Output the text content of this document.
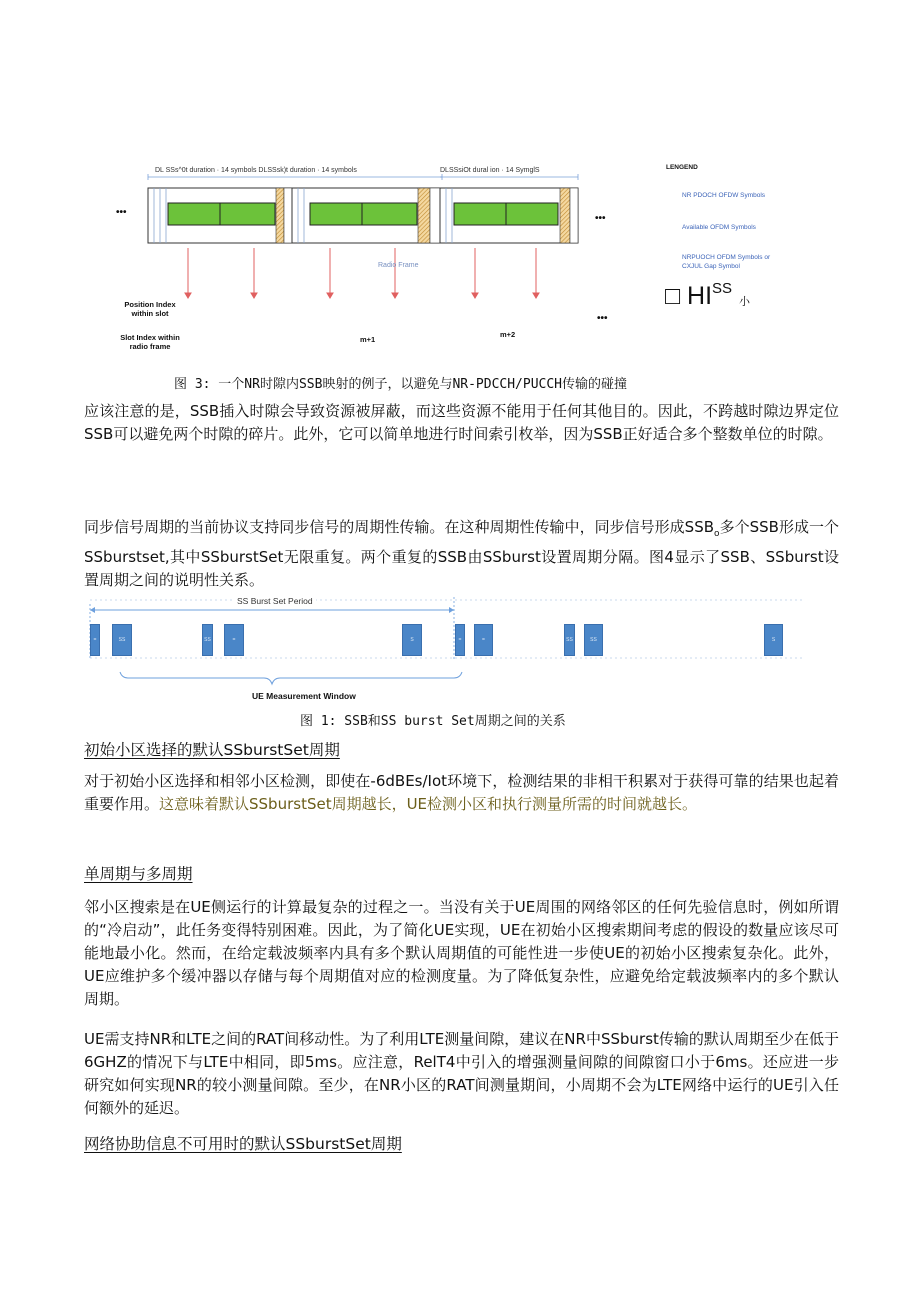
DL SSs^0t duration · 14 symbols DLSSsk)t duration · 14 symbols	DLSSsiOt dural ion · 14 SymglS
•••
•••
•••
Radio Frame
Position Index
within slot
Slot Index within
radio frame
m+1
m+2
LENGEND
NR PDOCH OFDW Symbols
Available OFDM Symbols
NRPUOCH OFDM Symbols or CXJUL Gap Symbol
□ $HI^{SS}$ 小
图 3: 一个NR时隙内SSB映射的例子，以避免与NR-PDCCH/PUCCH传输的碰撞
应该注意的是，SSB插入时隙会导致资源被屏蔽，而这些资源不能用于任何其他目的。因此，不跨越时隙边界定位SSB可以避免两个时隙的碎片。此外，它可以简单地进行时间索引枚举，因为SSB正好适合多个整数单位的时隙。
同步信号周期的当前协议支持同步信号的周期性传输。在这种周期性传输中，同步信号形成$SSB_o$多个SSB形成一个SSburstset,其中SSburstSet无限重复。两个重复的SSB由SSburst设置周期分隔。图4显示了SSB、SSburst设置周期之间的说明性关系。
=	SS	SS	=	S	=	=	SS	SS	S
SS Burst Set Period
UE Measurement Window
图 1: SSB和SS burst Set周期之间的关系
初始小区选择的默认SSburstSet周期
对于初始小区选择和相邻小区检测，即使在-6dBEs/Iot环境下，检测结果的非相干积累对于获得可靠的结果也起着重要作用。这意味着默认SSburstSet周期越长，UE检测小区和执行测量所需的时间就越长。
单周期与多周期
邻小区搜索是在UE侧运行的计算最复杂的过程之一。当没有关于UE周围的网络邻区的任何先验信息时，例如所谓的“冷启动”，此任务变得特别困难。因此，为了简化UE实现，UE在初始小区搜索期间考虑的假设的数量应该尽可能地最小化。然而，在给定载波频率内具有多个默认周期值的可能性进一步使UE的初始小区搜索复杂化。此外，UE应维护多个缓冲器以存储与每个周期值对应的检测度量。为了降低复杂性，应避免给定载波频率内的多个默认周期。
UE需支持NR和LTE之间的RAT间移动性。为了利用LTE测量间隙，建议在NR中SSburst传输的默认周期至少在低于6GHZ的情况下与LTE中相同，即5ms。应注意，RelT4中引入的增强测量间隙的间隙窗口小于6ms。还应进一步研究如何实现NR的较小测量间隙。至少，在NR小区的RAT间测量期间，小周期不会为LTE网络中运行的UE引入任何额外的延迟。
网络协助信息不可用时的默认SSburstSet周期
